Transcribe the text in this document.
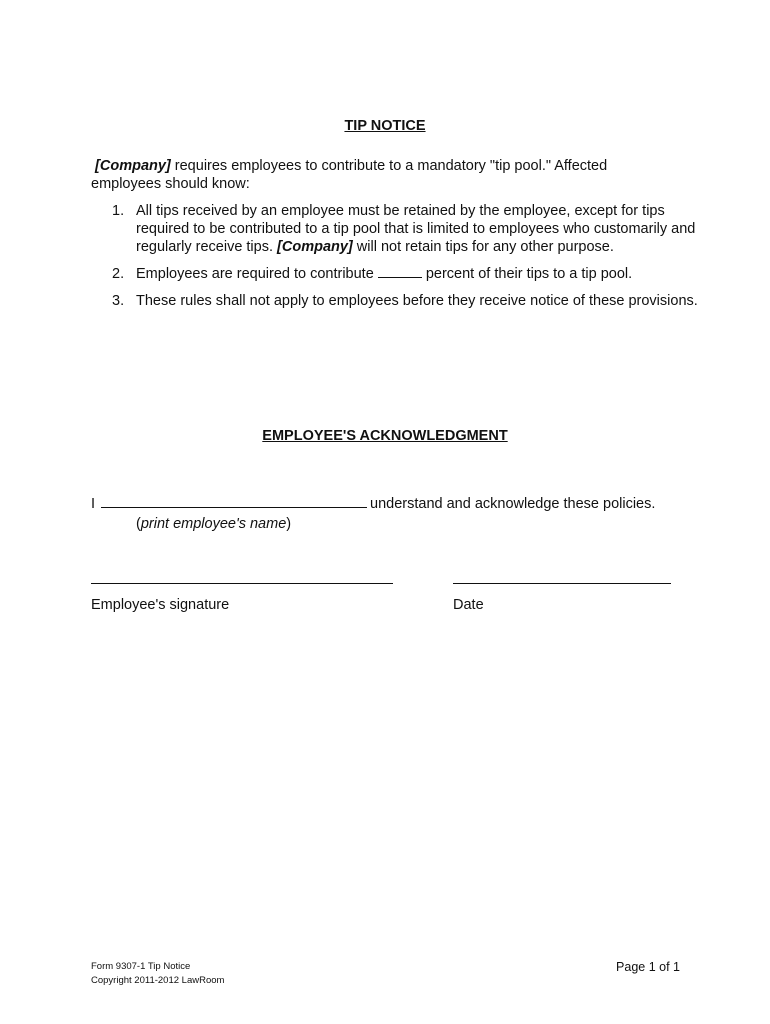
TIP NOTICE
[Company] requires employees to contribute to a mandatory "tip pool." Affected employees should know:
1. All tips received by an employee must be retained by the employee, except for tips required to be contributed to a tip pool that is limited to employees who customarily and regularly receive tips. [Company] will not retain tips for any other purpose.
2. Employees are required to contribute	percent of their tips to a tip pool.
3. These rules shall not apply to employees before they receive notice of these provisions.
EMPLOYEE'S ACKNOWLEDGMENT
I	understand and acknowledge these policies.
(print employee's name)
Employee's signature	Date
Form 9307-1 Tip Notice
Copyright 2011-2012 LawRoom
Page 1 of 1
